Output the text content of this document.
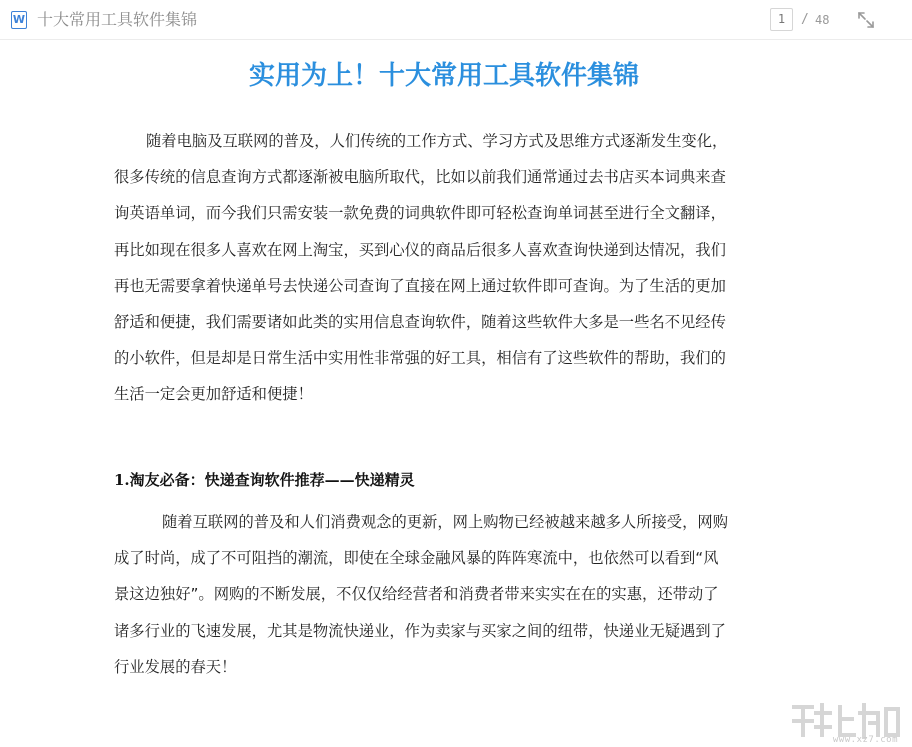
W 十大常用工具软件集锦	1	/ 48
实用为上！十大常用工具软件集锦
随着电脑及互联网的普及，人们传统的工作方式、学习方式及思维方式逐渐发生变化，
很多传统的信息查询方式都逐渐被电脑所取代，比如以前我们通常通过去书店买本词典来查
询英语单词，而今我们只需安装一款免费的词典软件即可轻松查询单词甚至进行全文翻译，
再比如现在很多人喜欢在网上淘宝，买到心仪的商品后很多人喜欢查询快递到达情况，我们
再也无需要拿着快递单号去快递公司查询了直接在网上通过软件即可查询。为了生活的更加
舒适和便捷，我们需要诸如此类的实用信息查询软件，随着这些软件大多是一些名不见经传
的小软件，但是却是日常生活中实用性非常强的好工具，相信有了这些软件的帮助，我们的
生活一定会更加舒适和便捷！
1.淘友必备：快递查询软件推荐——快递精灵
随着互联网的普及和人们消费观念的更新，网上购物已经被越来越多人所接受，网购
成了时尚，成了不可阻挡的潮流，即使在全球金融风暴的阵阵寒流中，也依然可以看到“风
景这边独好”。网购的不断发展，不仅仅给经营者和消费者带来实实在在的实惠，还带动了
诸多行业的飞速发展，尤其是物流快递业，作为卖家与买家之间的纽带，快递业无疑遇到了
行业发展的春天！

www.xz7.com
